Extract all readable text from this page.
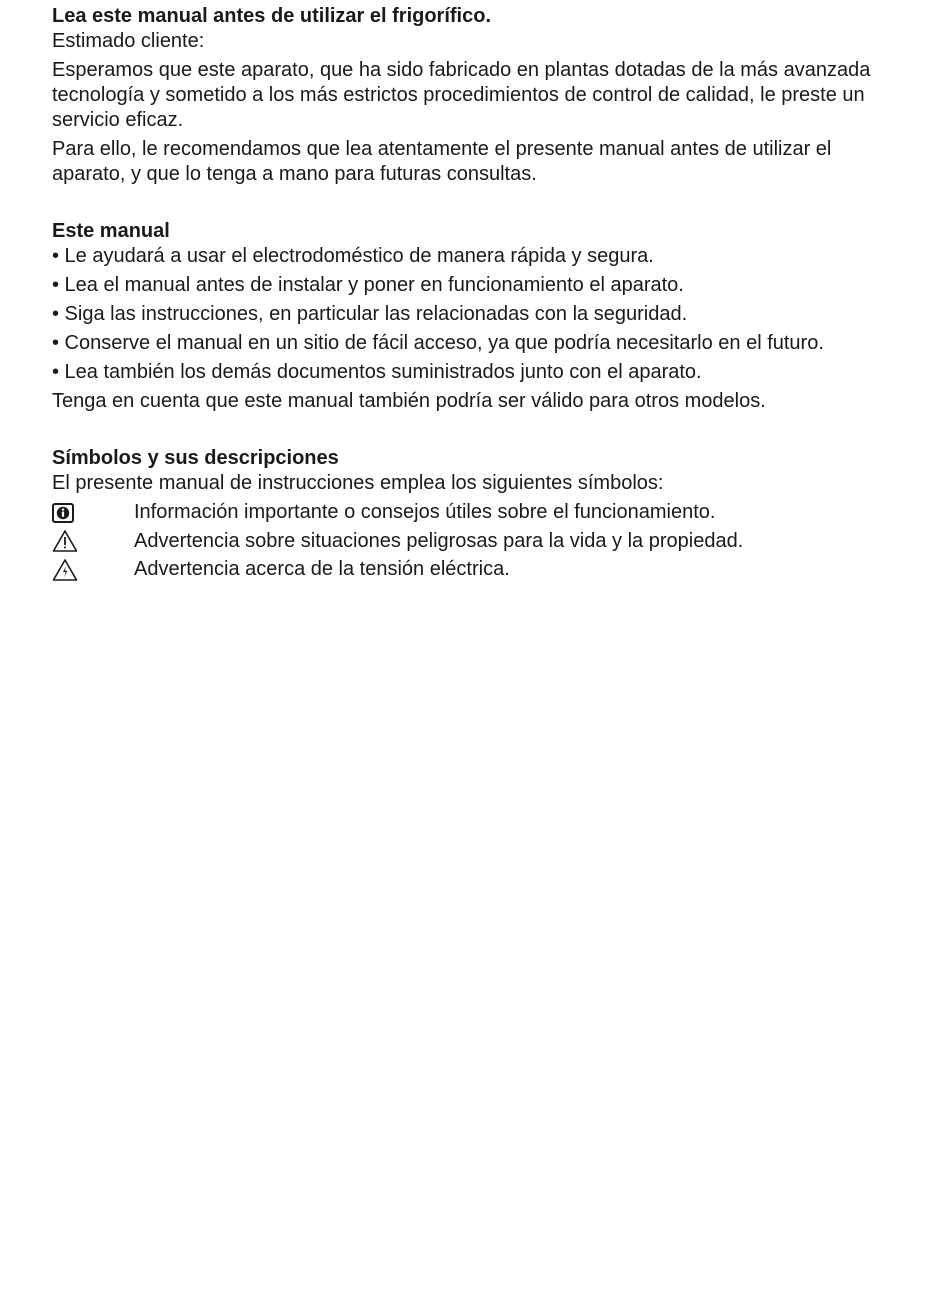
Lea este manual antes de utilizar el frigorífico.

Estimado cliente:

Esperamos que este aparato, que ha sido fabricado en plantas dotadas de la más avanzada tecnología y sometido a los más estrictos procedimientos de control de calidad, le preste un servicio eficaz.

Para ello, le recomendamos que lea atentamente el presente manual antes de utilizar el aparato, y que lo tenga a mano para futuras consultas.

Este manual
• Le ayudará a usar el electrodoméstico de manera rápida y segura.
• Lea el manual antes de instalar y poner en funcionamiento el aparato.
• Siga las instrucciones, en particular las relacionadas con la seguridad.
• Conserve el manual en un sitio de fácil acceso, ya que podría necesitarlo en el futuro.
• Lea también los demás documentos suministrados junto con el aparato.

Tenga en cuenta que este manual también podría ser válido para otros modelos.

Símbolos y sus descripciones

El presente manual de instrucciones emplea los siguientes símbolos:

Información importante o consejos útiles sobre el funcionamiento.
Advertencia sobre situaciones peligrosas para la vida y la propiedad.
Advertencia acerca de la tensión eléctrica.
